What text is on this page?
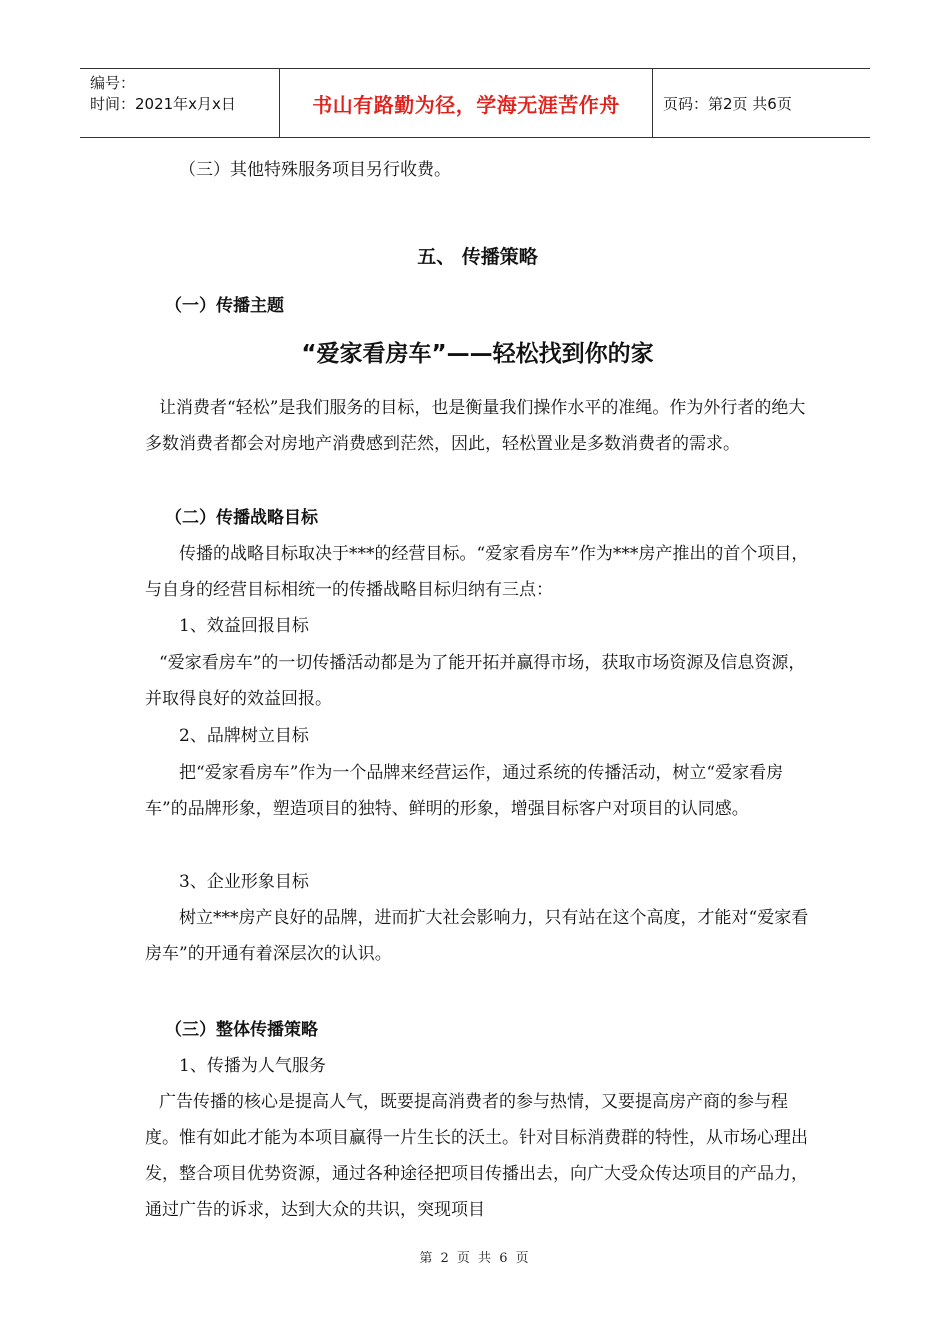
编号：
时间：2021年x月x日	书山有路勤为径，学海无涯苦作舟	页码：第2页 共6页

（三）其他特殊服务项目另行收费。

五、 传播策略

（一）传播主题

“爱家看房车”——轻松找到你的家

让消费者“轻松”是我们服务的目标，也是衡量我们操作水平的准绳。作为外行者的绝大多数消费者都会对房地产消费感到茫然，因此，轻松置业是多数消费者的需求。

（二）传播战略目标

传播的战略目标取决于***的经营目标。“爱家看房车”作为***房产推出的首个项目，与自身的经营目标相统一的传播战略目标归纳有三点：

1、效益回报目标

“爱家看房车”的一切传播活动都是为了能开拓并赢得市场，获取市场资源及信息资源，并取得良好的效益回报。

2、品牌树立目标

把“爱家看房车”作为一个品牌来经营运作，通过系统的传播活动，树立“爱家看房车”的品牌形象，塑造项目的独特、鲜明的形象，增强目标客户对项目的认同感。

3、企业形象目标

树立***房产良好的品牌，进而扩大社会影响力，只有站在这个高度，才能对“爱家看房车”的开通有着深层次的认识。

（三）整体传播策略

1、传播为人气服务

广告传播的核心是提高人气，既要提高消费者的参与热情，又要提高房产商的参与程度。惟有如此才能为本项目赢得一片生长的沃土。针对目标消费群的特性，从市场心理出发，整合项目优势资源，通过各种途径把项目传播出去，向广大受众传达项目的产品力，通过广告的诉求，达到大众的共识，突现项目

第 2 页 共 6 页
